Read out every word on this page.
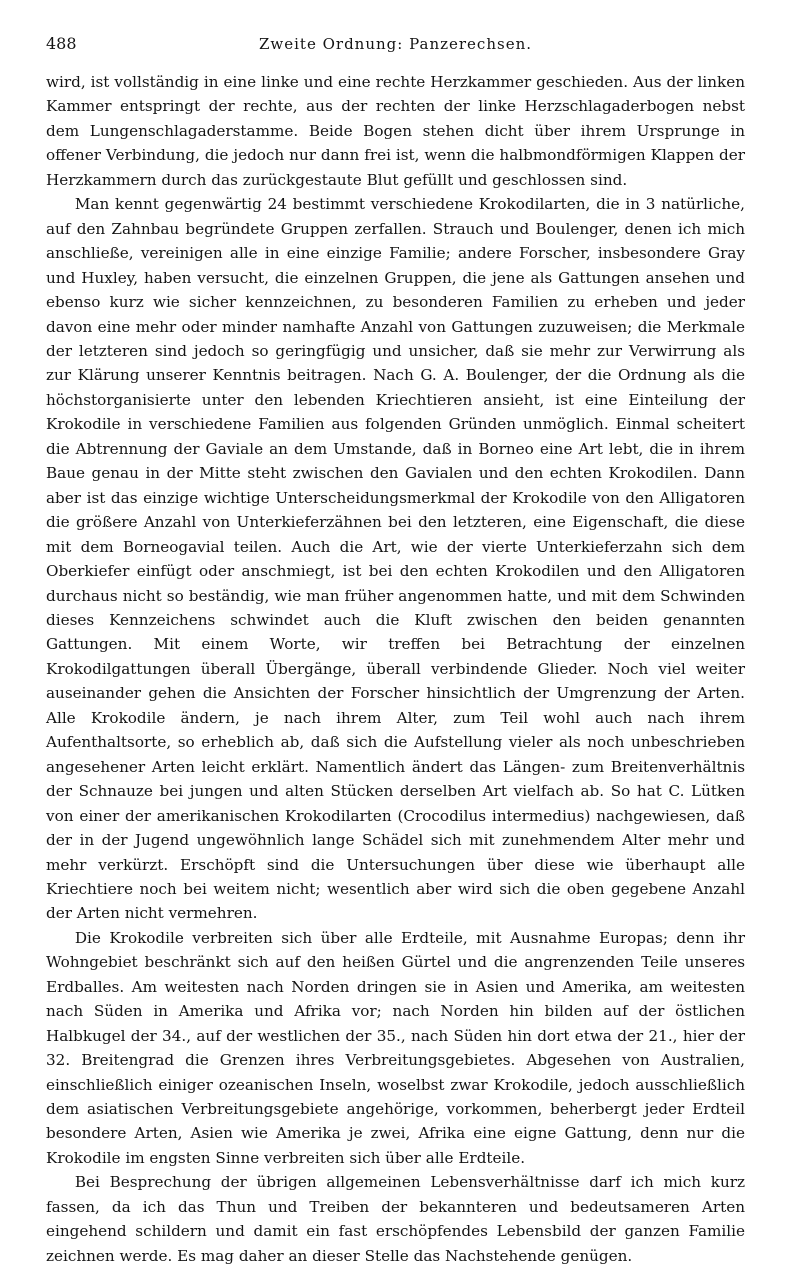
488	Zweite Ordnung: Panzerechsen.

wird, ist vollständig in eine linke und eine rechte Herzkammer geschieden. Aus der linken Kammer entspringt der rechte, aus der rechten der linke Herzschlagaderbogen nebst dem Lungenschlagaderstamme. Beide Bogen stehen dicht über ihrem Ursprunge in offener Verbindung, die jedoch nur dann frei ist, wenn die halbmondförmigen Klappen der Herzkammern durch das zurückgestaute Blut gefüllt und geschlossen sind.

Man kennt gegenwärtig 24 bestimmt verschiedene Krokodilarten, die in 3 natürliche, auf den Zahnbau begründete Gruppen zerfallen. Strauch und Boulenger, denen ich mich anschließe, vereinigen alle in eine einzige Familie; andere Forscher, insbesondere Gray und Huxley, haben versucht, die einzelnen Gruppen, die jene als Gattungen ansehen und ebenso kurz wie sicher kennzeichnen, zu besonderen Familien zu erheben und jeder davon eine mehr oder minder namhafte Anzahl von Gattungen zuzuweisen; die Merkmale der letzteren sind jedoch so geringfügig und unsicher, daß sie mehr zur Verwirrung als zur Klärung unserer Kenntnis beitragen. Nach G. A. Boulenger, der die Ordnung als die höchstorganisierte unter den lebenden Kriechtieren ansieht, ist eine Einteilung der Krokodile in verschiedene Familien aus folgenden Gründen unmöglich. Einmal scheitert die Abtrennung der Gaviale an dem Umstande, daß in Borneo eine Art lebt, die in ihrem Baue genau in der Mitte steht zwischen den Gavialen und den echten Krokodilen. Dann aber ist das einzige wichtige Unterscheidungsmerkmal der Krokodile von den Alligatoren die größere Anzahl von Unterkieferzähnen bei den letzteren, eine Eigenschaft, die diese mit dem Borneogavial teilen. Auch die Art, wie der vierte Unterkieferzahn sich dem Oberkiefer einfügt oder anschmiegt, ist bei den echten Krokodilen und den Alligatoren durchaus nicht so beständig, wie man früher angenommen hatte, und mit dem Schwinden dieses Kennzeichens schwindet auch die Kluft zwischen den beiden genannten Gattungen. Mit einem Worte, wir treffen bei Betrachtung der einzelnen Krokodilgattungen überall Übergänge, überall verbindende Glieder. Noch viel weiter auseinander gehen die Ansichten der Forscher hinsichtlich der Umgrenzung der Arten. Alle Krokodile ändern, je nach ihrem Alter, zum Teil wohl auch nach ihrem Aufenthaltsorte, so erheblich ab, daß sich die Aufstellung vieler als noch unbeschrieben angesehener Arten leicht erklärt. Namentlich ändert das Längen- zum Breitenverhältnis der Schnauze bei jungen und alten Stücken derselben Art vielfach ab. So hat C. Lütken von einer der amerikanischen Krokodilarten (Crocodilus intermedius) nachgewiesen, daß der in der Jugend ungewöhnlich lange Schädel sich mit zunehmendem Alter mehr und mehr verkürzt. Erschöpft sind die Untersuchungen über diese wie überhaupt alle Kriechtiere noch bei weitem nicht; wesentlich aber wird sich die oben gegebene Anzahl der Arten nicht vermehren.

Die Krokodile verbreiten sich über alle Erdteile, mit Ausnahme Europas; denn ihr Wohngebiet beschränkt sich auf den heißen Gürtel und die angrenzenden Teile unseres Erdballes. Am weitesten nach Norden dringen sie in Asien und Amerika, am weitesten nach Süden in Amerika und Afrika vor; nach Norden hin bilden auf der östlichen Halbkugel der 34., auf der westlichen der 35., nach Süden hin dort etwa der 21., hier der 32. Breitengrad die Grenzen ihres Verbreitungsgebietes. Abgesehen von Australien, einschließlich einiger ozeanischen Inseln, woselbst zwar Krokodile, jedoch ausschließlich dem asiatischen Verbreitungsgebiete angehörige, vorkommen, beherbergt jeder Erdteil besondere Arten, Asien wie Amerika je zwei, Afrika eine eigne Gattung, denn nur die Krokodile im engsten Sinne verbreiten sich über alle Erdteile.

Bei Besprechung der übrigen allgemeinen Lebensverhältnisse darf ich mich kurz fassen, da ich das Thun und Treiben der bekannteren und bedeutsameren Arten eingehend schildern und damit ein fast erschöpfendes Lebensbild der ganzen Familie zeichnen werde. Es mag daher an dieser Stelle das Nachstehende genügen.
